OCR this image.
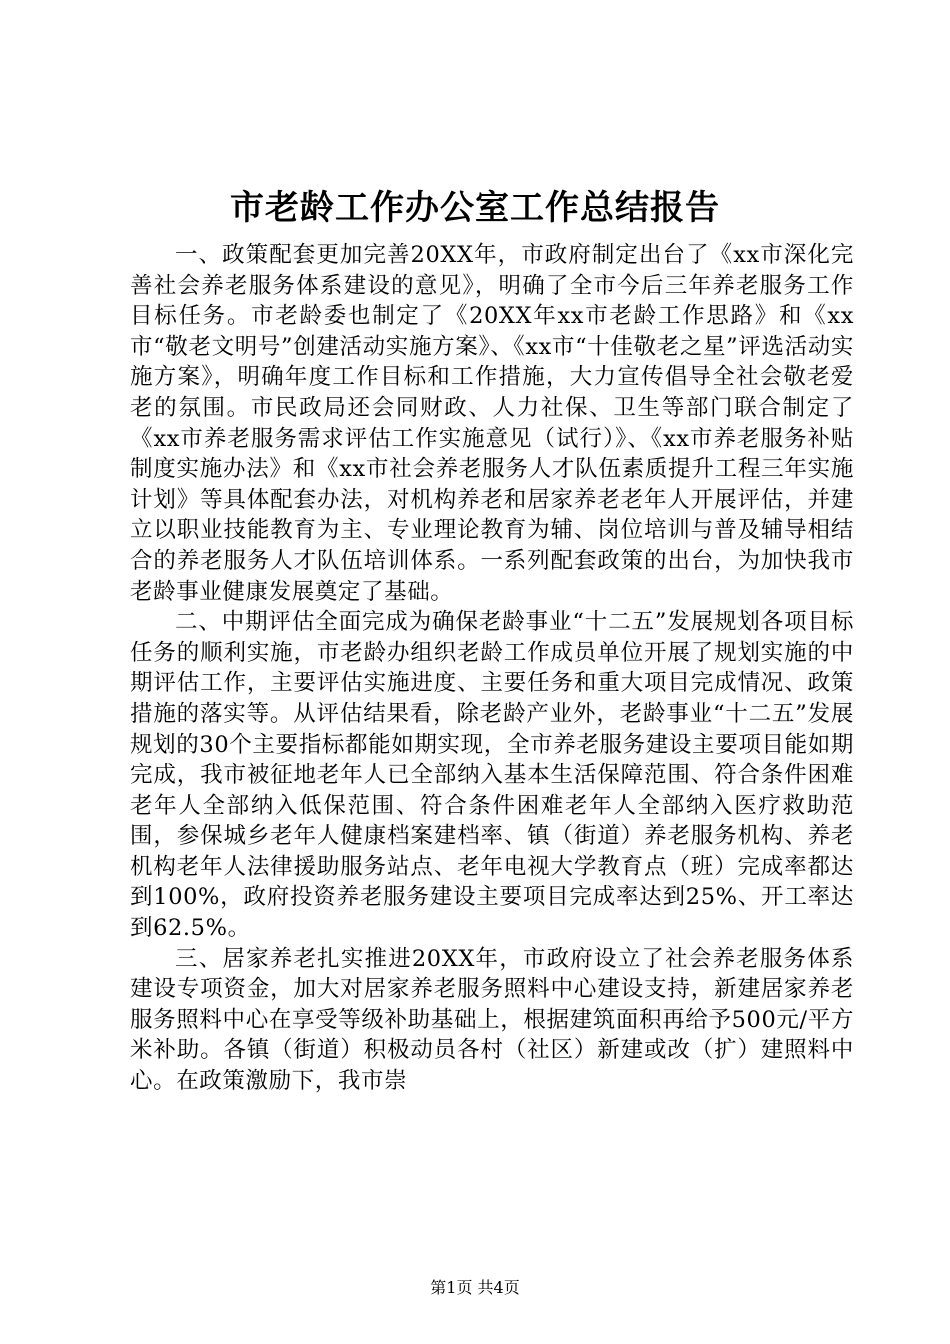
市老龄工作办公室工作总结报告

一、政策配套更加完善20XX年，市政府制定出台了《xx市深化完善社会养老服务体系建设的意见》，明确了全市今后三年养老服务工作目标任务。市老龄委也制定了《20XX年xx市老龄工作思路》和《xx市“敬老文明号”创建活动实施方案》、《xx市“十佳敬老之星”评选活动实施方案》，明确年度工作目标和工作措施，大力宣传倡导全社会敬老爱老的氛围。市民政局还会同财政、人力社保、卫生等部门联合制定了《xx市养老服务需求评估工作实施意见（试行）》、《xx市养老服务补贴制度实施办法》和《xx市社会养老服务人才队伍素质提升工程三年实施计划》等具体配套办法，对机构养老和居家养老老年人开展评估，并建立以职业技能教育为主、专业理论教育为辅、岗位培训与普及辅导相结合的养老服务人才队伍培训体系。一系列配套政策的出台，为加快我市老龄事业健康发展奠定了基础。

二、中期评估全面完成为确保老龄事业“十二五”发展规划各项目标任务的顺利实施，市老龄办组织老龄工作成员单位开展了规划实施的中期评估工作，主要评估实施进度、主要任务和重大项目完成情况、政策措施的落实等。从评估结果看，除老龄产业外，老龄事业“十二五”发展规划的30个主要指标都能如期实现，全市养老服务建设主要项目能如期完成，我市被征地老年人已全部纳入基本生活保障范围、符合条件困难老年人全部纳入低保范围、符合条件困难老年人全部纳入医疗救助范围，参保城乡老年人健康档案建档率、镇（街道）养老服务机构、养老机构老年人法律援助服务站点、老年电视大学教育点（班）完成率都达到100%，政府投资养老服务建设主要项目完成率达到25%、开工率达到62.5%。

三、居家养老扎实推进20XX年，市政府设立了社会养老服务体系建设专项资金，加大对居家养老服务照料中心建设支持，新建居家养老服务照料中心在享受等级补助基础上，根据建筑面积再给予500元/平方米补助。各镇（街道）积极动员各村（社区）新建或改（扩）建照料中心。在政策激励下，我市崇

第1页 共4页
